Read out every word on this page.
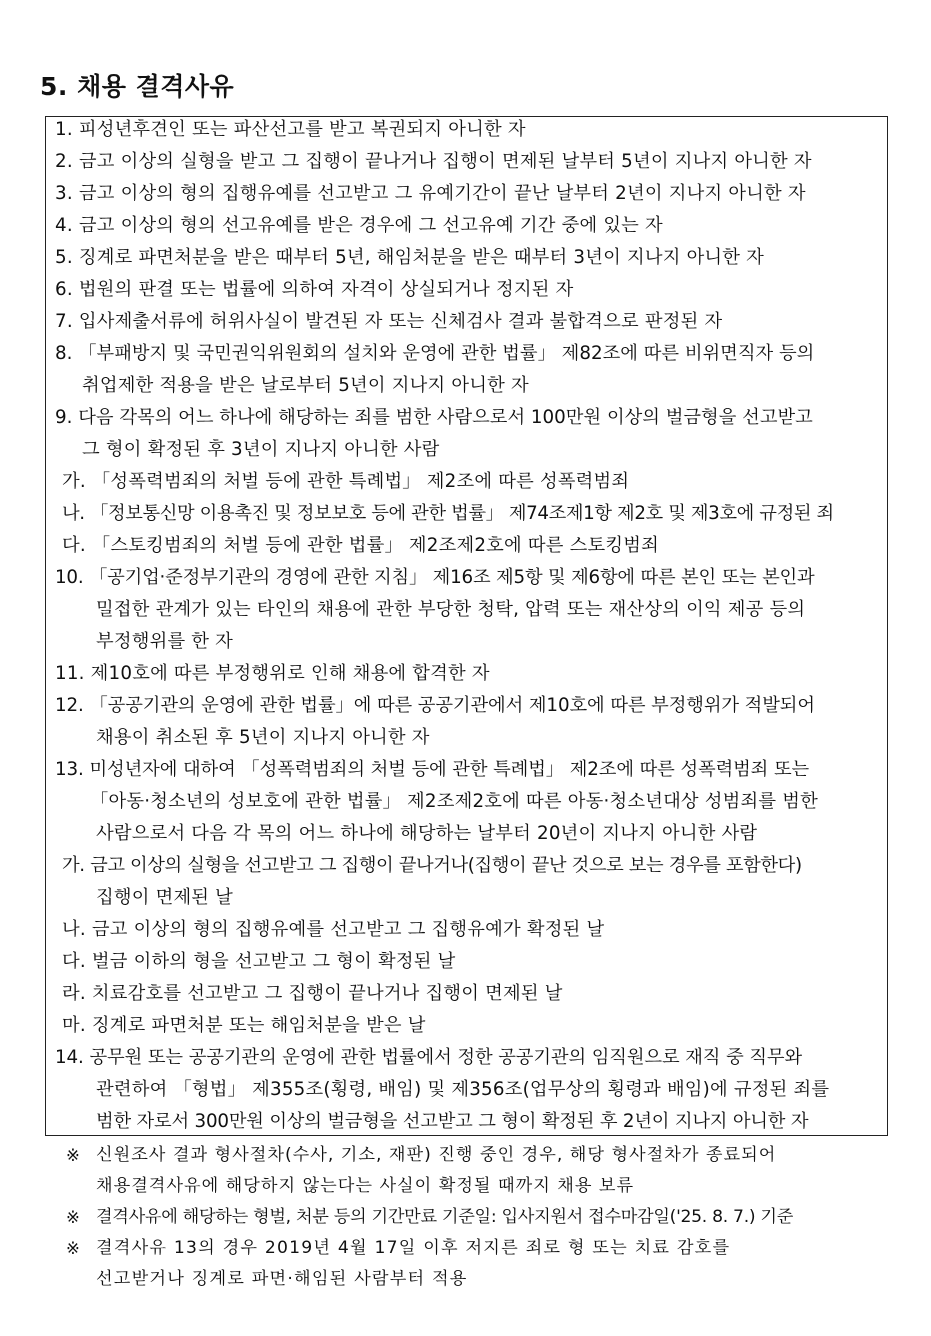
5. 채용 결격사유
1. 피성년후견인 또는 파산선고를 받고 복권되지 아니한 자
2. 금고 이상의 실형을 받고 그 집행이 끝나거나 집행이 면제된 날부터 5년이 지나지 아니한 자
3. 금고 이상의 형의 집행유예를 선고받고 그 유예기간이 끝난 날부터 2년이 지나지 아니한 자
4. 금고 이상의 형의 선고유예를 받은 경우에 그 선고유예 기간 중에 있는 자
5. 징계로 파면처분을 받은 때부터 5년, 해임처분을 받은 때부터 3년이 지나지 아니한 자
6. 법원의 판결 또는 법률에 의하여 자격이 상실되거나 정지된 자
7. 입사제출서류에 허위사실이 발견된 자 또는 신체검사 결과 불합격으로 판정된 자
8. 「부패방지 및 국민권익위원회의 설치와 운영에 관한 법률」 제82조에 따른 비위면직자 등의
취업제한 적용을 받은 날로부터 5년이 지나지 아니한 자
9. 다음 각목의 어느 하나에 해당하는 죄를 범한 사람으로서 100만원 이상의 벌금형을 선고받고
그 형이 확정된 후 3년이 지나지 아니한 사람
가. 「성폭력범죄의 처벌 등에 관한 특례법」 제2조에 따른 성폭력범죄
나. 「정보통신망 이용촉진 및 정보보호 등에 관한 법률」 제74조제1항 제2호 및 제3호에 규정된 죄
다. 「스토킹범죄의 처벌 등에 관한 법률」 제2조제2호에 따른 스토킹범죄
10. 「공기업·준정부기관의 경영에 관한 지침」 제16조 제5항 및 제6항에 따른 본인 또는 본인과
밀접한 관계가 있는 타인의 채용에 관한 부당한 청탁, 압력 또는 재산상의 이익 제공 등의
부정행위를 한 자
11. 제10호에 따른 부정행위로 인해 채용에 합격한 자
12. 「공공기관의 운영에 관한 법률」에 따른 공공기관에서 제10호에 따른 부정행위가 적발되어
채용이 취소된 후 5년이 지나지 아니한 자
13. 미성년자에 대하여 「성폭력범죄의 처벌 등에 관한 특례법」 제2조에 따른 성폭력범죄 또는
「아동·청소년의 성보호에 관한 법률」 제2조제2호에 따른 아동·청소년대상 성범죄를 범한
사람으로서 다음 각 목의 어느 하나에 해당하는 날부터 20년이 지나지 아니한 사람
가. 금고 이상의 실형을 선고받고 그 집행이 끝나거나(집행이 끝난 것으로 보는 경우를 포함한다)
집행이 면제된 날
나. 금고 이상의 형의 집행유예를 선고받고 그 집행유예가 확정된 날
다. 벌금 이하의 형을 선고받고 그 형이 확정된 날
라. 치료감호를 선고받고 그 집행이 끝나거나 집행이 면제된 날
마. 징계로 파면처분 또는 해임처분을 받은 날
14. 공무원 또는 공공기관의 운영에 관한 법률에서 정한 공공기관의 임직원으로 재직 중 직무와
관련하여 「형법」 제355조(횡령, 배임) 및 제356조(업무상의 횡령과 배임)에 규정된 죄를
범한 자로서 300만원 이상의 벌금형을 선고받고 그 형이 확정된 후 2년이 지나지 아니한 자
※ 신원조사 결과 형사절차(수사, 기소, 재판) 진행 중인 경우, 해당 형사절차가 종료되어
채용결격사유에 해당하지 않는다는 사실이 확정될 때까지 채용 보류
※ 결격사유에 해당하는 형벌, 처분 등의 기간만료 기준일: 입사지원서 접수마감일('25. 8. 7.) 기준
※ 결격사유 13의 경우 2019년 4월 17일 이후 저지른 죄로 형 또는 치료 감호를
선고받거나 징계로 파면·해임된 사람부터 적용
